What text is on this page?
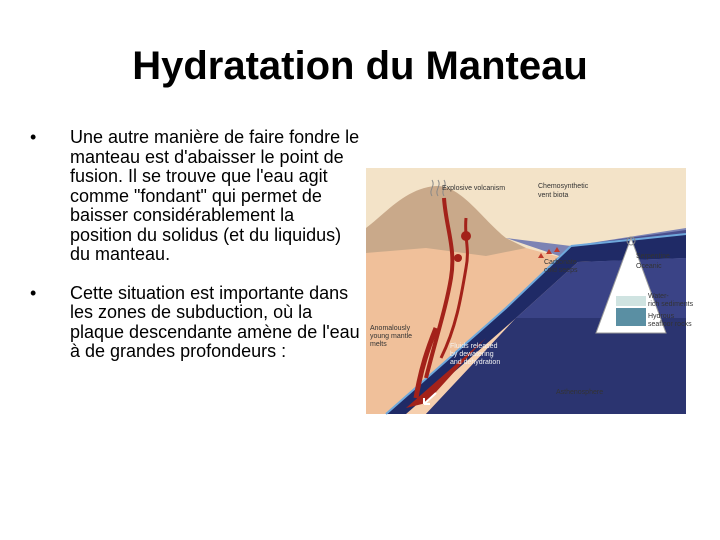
Hydratation du Manteau
•	Une autre manière de faire fondre le manteau est d'abaisser le point de fusion. Il se trouve que l'eau agit comme "fondant" qui permet de baisser considérablement la position du solidus (et du liquidus) du manteau.
•	Cette situation est importante dans les zones de subduction, où la plaque descendante amène de l'eau à de grandes profondeurs :
Explosive volcanism	Chemosynthetic
vent biota
Carbonate
cold seeps
Serpentine
Oceanic
Water-
rich sediments
Hydrous
seafloor rocks
Anomalously
young mantle
melts	Fluids released
by dewatering
and dehydration
Asthenosphere
